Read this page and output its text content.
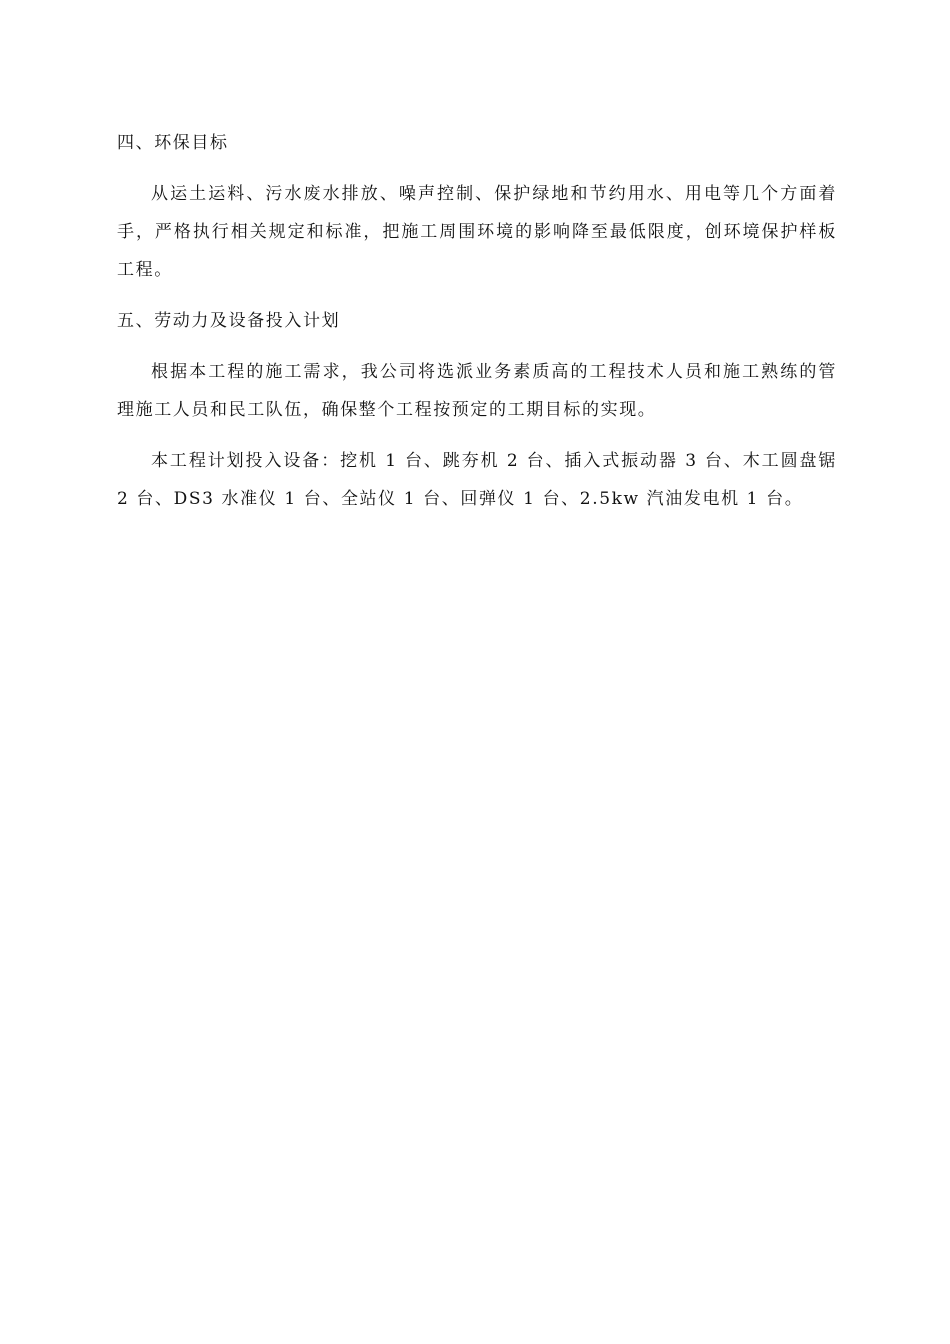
四、环保目标

从运土运料、污水废水排放、噪声控制、保护绿地和节约用水、用电等几个方面着手，严格执行相关规定和标准，把施工周围环境的影响降至最低限度，创环境保护样板工程。

五、劳动力及设备投入计划

根据本工程的施工需求，我公司将选派业务素质高的工程技术人员和施工熟练的管理施工人员和民工队伍，确保整个工程按预定的工期目标的实现。

本工程计划投入设备：挖机 1 台、跳夯机 2 台、插入式振动器 3 台、木工圆盘锯 2 台、DS3 水准仪 1 台、全站仪 1 台、回弹仪 1 台、2.5kw 汽油发电机 1 台。
